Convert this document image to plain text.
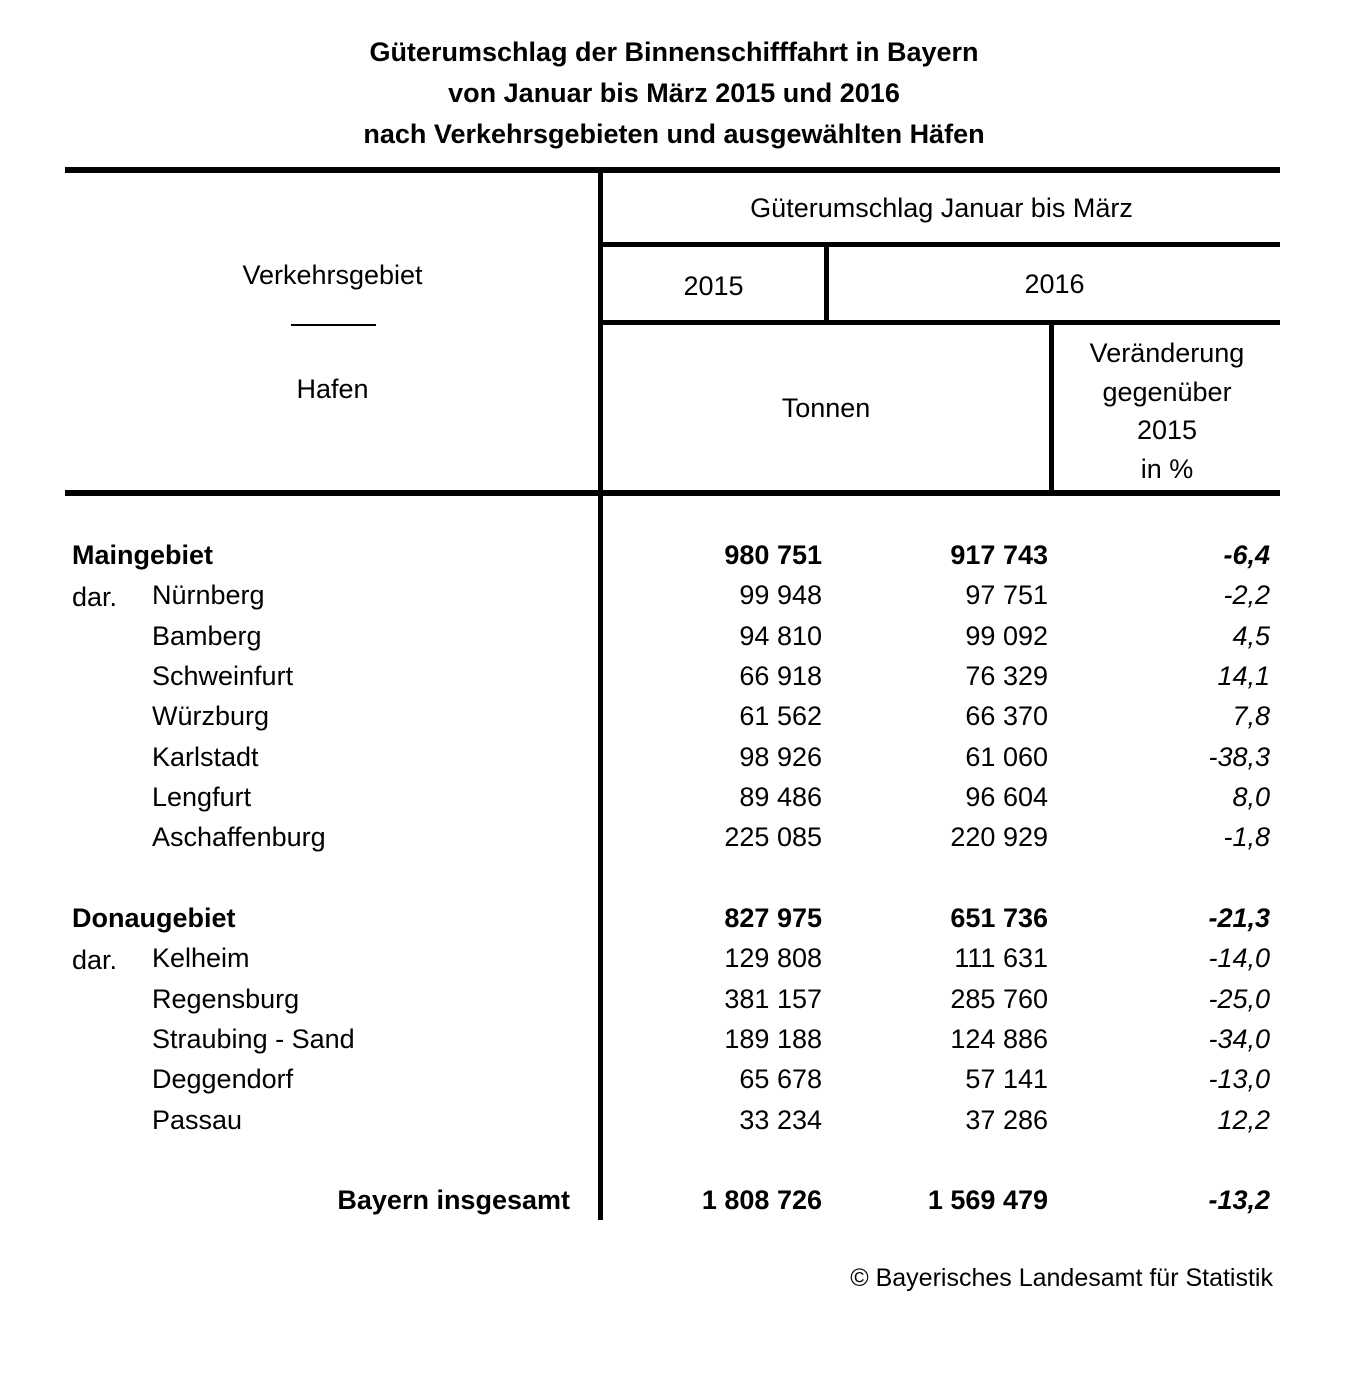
Güterumschlag der Binnenschifffahrt in Bayern
von Januar bis März 2015 und 2016
nach Verkehrsgebieten und ausgewählten Häfen
Verkehrsgebiet
Hafen
Güterumschlag Januar bis März
2015	2016
Tonnen
Veränderung
gegenüber
2015
in %
Maingebiet	980 751	917 743	-6,4
dar. Nürnberg	99 948	97 751	-2,2
Bamberg	94 810	99 092	4,5
Schweinfurt	66 918	76 329	14,1
Würzburg	61 562	66 370	7,8
Karlstadt	98 926	61 060	-38,3
Lengfurt	89 486	96 604	8,0
Aschaffenburg	225 085	220 929	-1,8
Donaugebiet	827 975	651 736	-21,3
dar. Kelheim	129 808	111 631	-14,0
Regensburg	381 157	285 760	-25,0
Straubing - Sand	189 188	124 886	-34,0
Deggendorf	65 678	57 141	-13,0
Passau	33 234	37 286	12,2
Bayern insgesamt	1 808 726	1 569 479	-13,2
© Bayerisches Landesamt für Statistik
